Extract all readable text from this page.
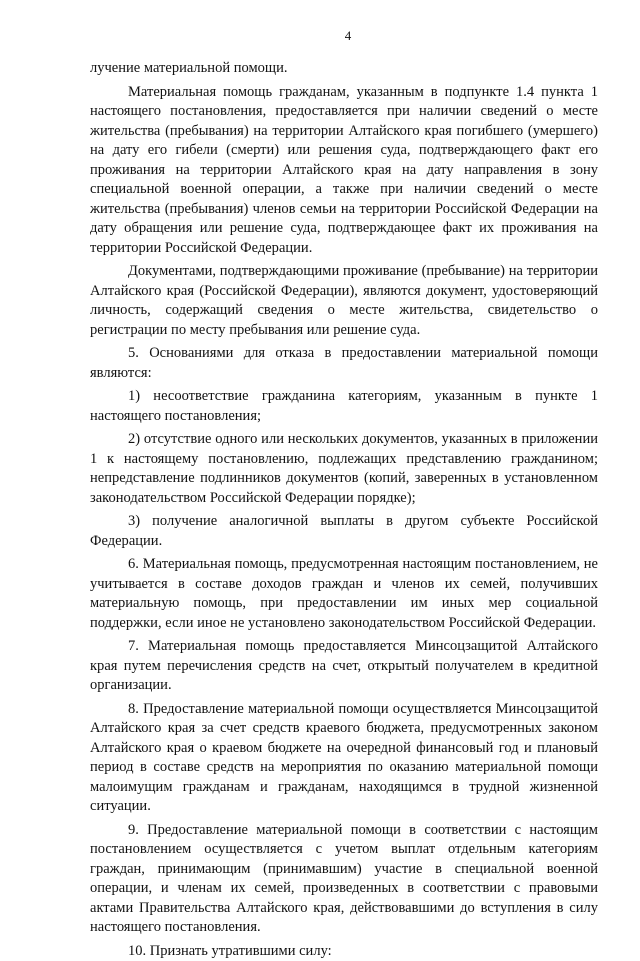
4

лучение материальной помощи.

Материальная помощь гражданам, указанным в подпункте 1.4 пункта 1 настоящего постановления, предоставляется при наличии сведений о месте жительства (пребывания) на территории Алтайского края погибшего (умершего) на дату его гибели (смерти) или решения суда, подтверждающего факт его проживания на территории Алтайского края на дату направления в зону специальной военной операции, а также при наличии сведений о месте жительства (пребывания) членов семьи на территории Российской Федерации на дату обращения или решение суда, подтверждающее факт их проживания на территории Российской Федерации.

Документами, подтверждающими проживание (пребывание) на территории Алтайского края (Российской Федерации), являются документ, удостоверяющий личность, содержащий сведения о месте жительства, свидетельство о регистрации по месту пребывания или решение суда.

5. Основаниями для отказа в предоставлении материальной помощи являются:

1) несоответствие гражданина категориям, указанным в пункте 1 настоящего постановления;

2) отсутствие одного или нескольких документов, указанных в приложении 1 к настоящему постановлению, подлежащих представлению гражданином; непредставление подлинников документов (копий, заверенных в установленном законодательством Российской Федерации порядке);

3) получение аналогичной выплаты в другом субъекте Российской Федерации.

6. Материальная помощь, предусмотренная настоящим постановлением, не учитывается в составе доходов граждан и членов их семей, получивших материальную помощь, при предоставлении им иных мер социальной поддержки, если иное не установлено законодательством Российской Федерации.

7. Материальная помощь предоставляется Минсоцзащитой Алтайского края путем перечисления средств на счет, открытый получателем в кредитной организации.

8. Предоставление материальной помощи осуществляется Минсоцзащитой Алтайского края за счет средств краевого бюджета, предусмотренных законом Алтайского края о краевом бюджете на очередной финансовый год и плановый период в составе средств на мероприятия по оказанию материальной помощи малоимущим гражданам и гражданам, находящимся в трудной жизненной ситуации.

9. Предоставление материальной помощи в соответствии с настоящим постановлением осуществляется с учетом выплат отдельным категориям граждан, принимающим (принимавшим) участие в специальной военной операции, и членам их семей, произведенных в соответствии с правовыми актами Правительства Алтайского края, действовавшими до вступления в силу настоящего постановления.

10. Признать утратившими силу:
